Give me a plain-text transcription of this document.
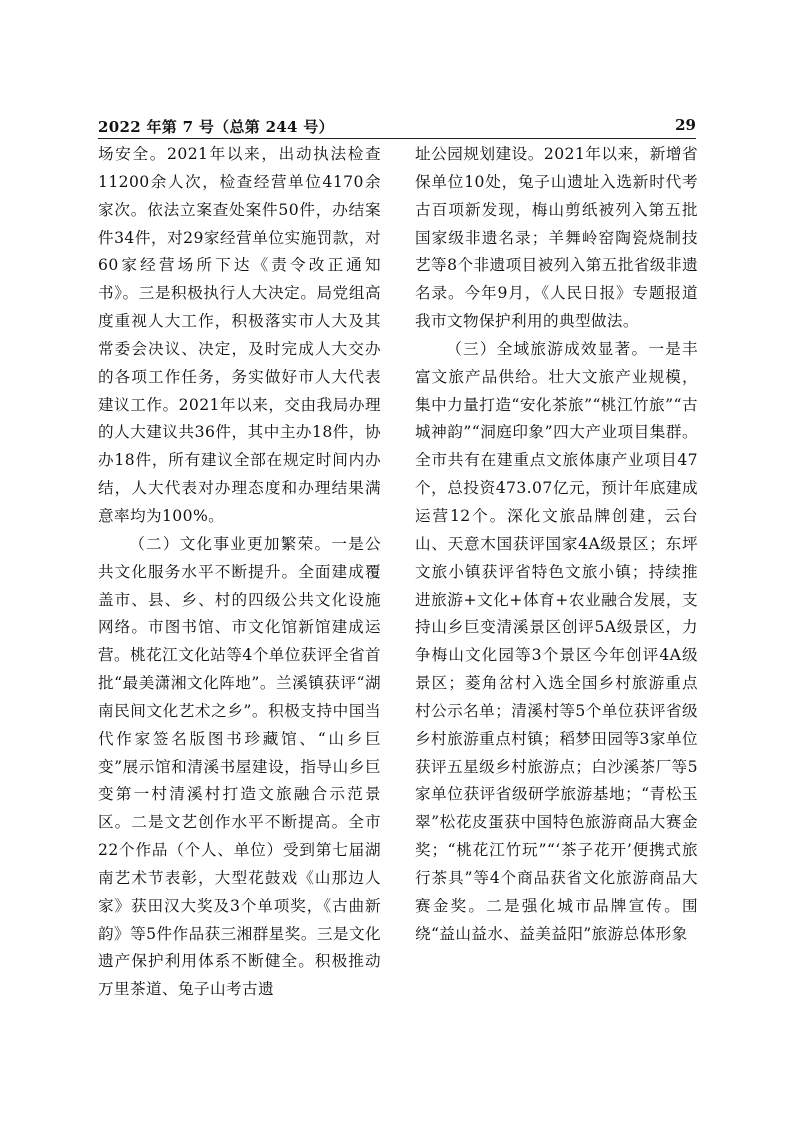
2022 年第 7 号（总第 244 号）	29

场安全。2021年以来，出动执法检查11200余人次，检查经营单位4170余家次。依法立案查处案件50件，办结案件34件，对29家经营单位实施罚款，对60家经营场所下达《责令改正通知书》。三是积极执行人大决定。局党组高度重视人大工作，积极落实市人大及其常委会决议、决定，及时完成人大交办的各项工作任务，务实做好市人大代表建议工作。2021年以来，交由我局办理的人大建议共36件，其中主办18件，协办18件，所有建议全部在规定时间内办结，人大代表对办理态度和办理结果满意率均为100%。

（二）文化事业更加繁荣。一是公共文化服务水平不断提升。全面建成覆盖市、县、乡、村的四级公共文化设施网络。市图书馆、市文化馆新馆建成运营。桃花江文化站等4个单位获评全省首批“最美潇湘文化阵地”。兰溪镇获评“湖南民间文化艺术之乡”。积极支持中国当代作家签名版图书珍藏馆、“山乡巨变”展示馆和清溪书屋建设，指导山乡巨变第一村清溪村打造文旅融合示范景区。二是文艺创作水平不断提高。全市22个作品（个人、单位）受到第七届湖南艺术节表彰，大型花鼓戏《山那边人家》获田汉大奖及3个单项奖，《古曲新韵》等5件作品获三湘群星奖。三是文化遗产保护利用体系不断健全。积极推动万里茶道、兔子山考古遗

址公园规划建设。2021年以来，新增省保单位10处，兔子山遗址入选新时代考古百项新发现，梅山剪纸被列入第五批国家级非遗名录；羊舞岭窑陶瓷烧制技艺等8个非遗项目被列入第五批省级非遗名录。今年9月，《人民日报》专题报道我市文物保护利用的典型做法。

（三）全域旅游成效显著。一是丰富文旅产品供给。壮大文旅产业规模，集中力量打造“安化茶旅”“桃江竹旅”“古城神韵”“洞庭印象”四大产业项目集群。全市共有在建重点文旅体康产业项目47个，总投资473.07亿元，预计年底建成运营12个。深化文旅品牌创建，云台山、天意木国获评国家4A级景区；东坪文旅小镇获评省特色文旅小镇；持续推进旅游+文化+体育+农业融合发展，支持山乡巨变清溪景区创评5A级景区，力争梅山文化园等3个景区今年创评4A级景区；菱角岔村入选全国乡村旅游重点村公示名单；清溪村等5个单位获评省级乡村旅游重点村镇；稻梦田园等3家单位获评五星级乡村旅游点；白沙溪茶厂等5家单位获评省级研学旅游基地；“青松玉翠”松花皮蛋获中国特色旅游商品大赛金奖；“桃花江竹玩”“‘茶子花开’便携式旅行茶具”等4个商品获省文化旅游商品大赛金奖。二是强化城市品牌宣传。围绕“益山益水、益美益阳”旅游总体形象
